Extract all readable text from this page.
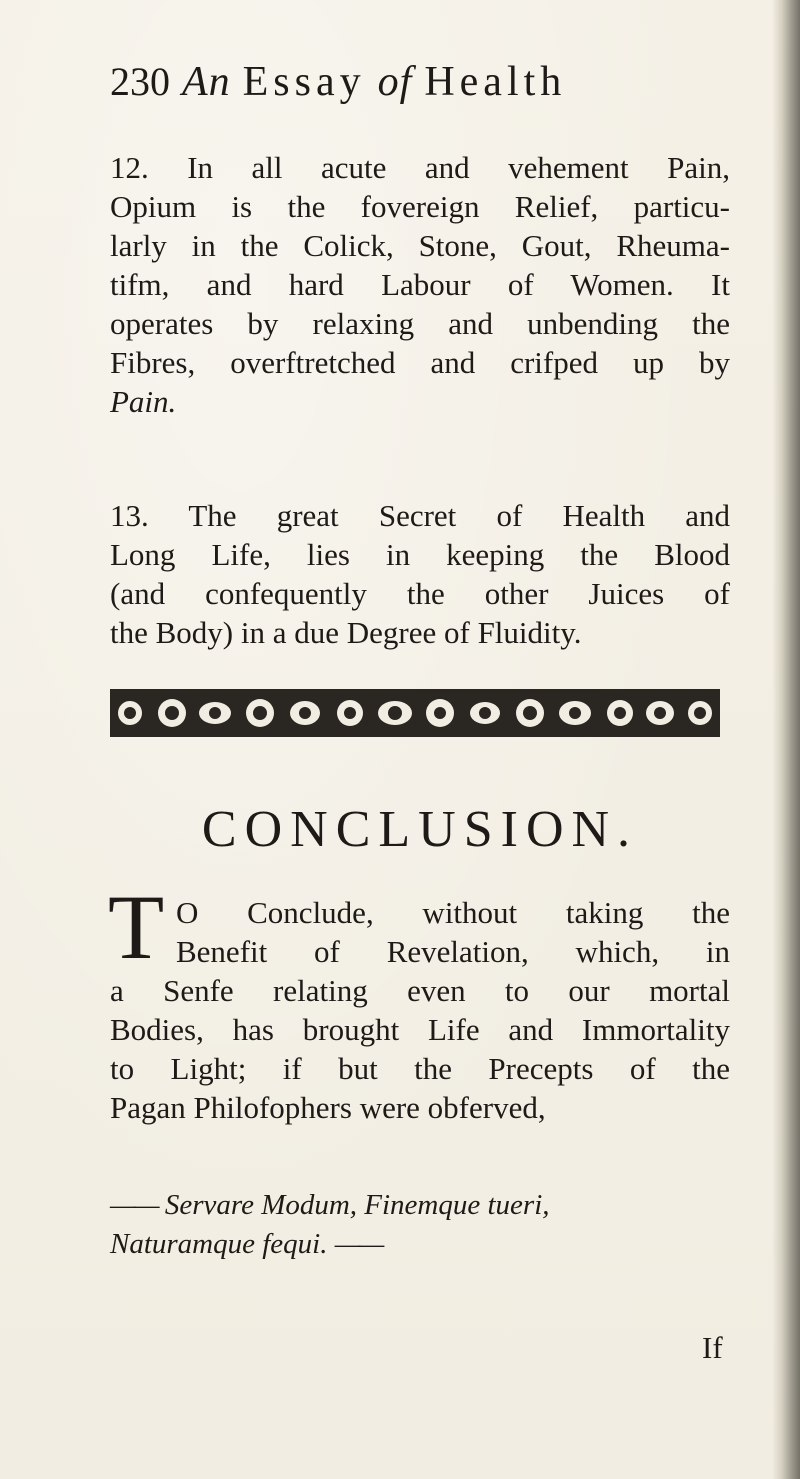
230 An Essay of Health
12. In all acute and vehement Pain,
Opium is the fovereign Relief, particu-
larly in the Colick, Stone, Gout, Rheuma-
tifm, and hard Labour of Women. It
operates by relaxing and unbending the
Fibres, overftretched and crifped up by
Pain.
13. The great Secret of Health and
Long Life, lies in keeping the Blood
(and confequently the other Juices of
the Body) in a due Degree of Fluidity.
CONCLUSION.
T O Conclude, without taking the
Benefit of Revelation, which, in
a Senfe relating even to our mortal
Bodies, has brought Life and Immortality
to Light; if but the Precepts of the
Pagan Philofophers were obferved,
—— Servare Modum, Finemque tueri,
Naturamque fequi. ——
If
